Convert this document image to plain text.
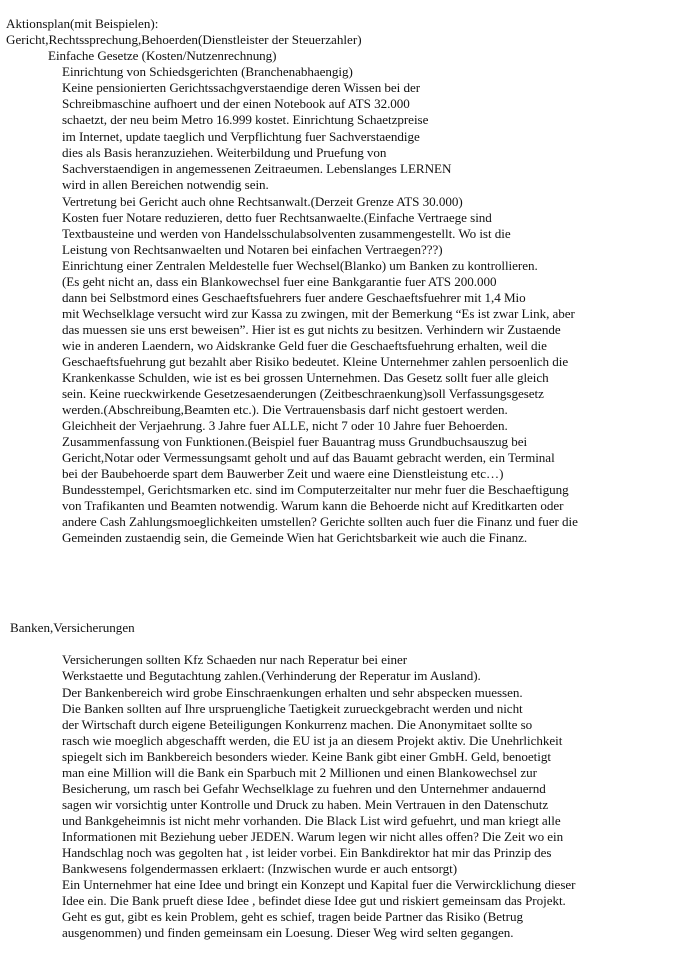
Aktionsplan(mit Beispielen):
Gericht,Rechtssprechung,Behoerden(Dienstleister der Steuerzahler)
Einfache Gesetze (Kosten/Nutzenrechnung)
Einrichtung von Schiedsgerichten (Branchenabhaengig)
Keine pensionierten Gerichtssachgverstaendige deren Wissen bei der
Schreibmaschine aufhoert und der einen Notebook auf ATS 32.000
schaetzt, der neu beim Metro 16.999 kostet. Einrichtung Schaetzpreise
im Internet, update taeglich und Verpflichtung fuer Sachverstaendige
dies als Basis heranzuziehen. Weiterbildung und Pruefung von
Sachverstaendigen in angemessenen Zeitraeumen. Lebenslanges LERNEN
wird in allen Bereichen notwendig sein.
Vertretung bei Gericht auch ohne Rechtsanwalt.(Derzeit Grenze ATS 30.000)
Kosten fuer Notare reduzieren, detto fuer Rechtsanwaelte.(Einfache Vertraege sind
Textbausteine und werden von Handelsschulabsolventen zusammengestellt. Wo ist die
Leistung von Rechtsanwaelten und Notaren bei einfachen Vertraegen???)
Einrichtung einer Zentralen Meldestelle fuer Wechsel(Blanko) um Banken zu kontrollieren.
(Es geht nicht an, dass ein Blankowechsel fuer eine Bankgarantie fuer ATS 200.000
dann bei Selbstmord eines Geschaeftsfuehrers fuer andere Geschaeftsfuehrer mit 1,4 Mio
mit Wechselklage versucht wird zur Kassa zu zwingen, mit der Bemerkung “Es ist zwar Link, aber
das muessen sie uns erst beweisen”. Hier ist es gut nichts zu besitzen. Verhindern wir Zustaende
wie in anderen Laendern, wo Aidskranke Geld fuer die Geschaeftsfuehrung erhalten, weil die
Geschaeftsfuehrung gut bezahlt aber Risiko bedeutet. Kleine Unternehmer zahlen persoenlich die
Krankenkasse Schulden, wie ist es bei grossen Unternehmen. Das Gesetz sollt fuer alle gleich
sein. Keine rueckwirkende Gesetzesaenderungen (Zeitbeschraenkung)soll Verfassungsgesetz
werden.(Abschreibung,Beamten etc.). Die Vertrauensbasis darf nicht gestoert werden.
Gleichheit der Verjaehrung. 3 Jahre fuer ALLE, nicht 7 oder 10 Jahre fuer Behoerden.
Zusammenfassung von Funktionen.(Beispiel fuer Bauantrag muss Grundbuchsauszug bei
Gericht,Notar oder Vermessungsamt geholt und auf das Bauamt gebracht werden, ein Terminal
bei der Baubehoerde spart dem Bauwerber Zeit und waere eine Dienstleistung etc…)
Bundesstempel, Gerichtsmarken etc. sind im Computerzeitalter nur mehr fuer die Beschaeftigung
von Trafikanten und Beamten notwendig. Warum kann die Behoerde nicht auf Kreditkarten oder
andere Cash Zahlungsmoeglichkeiten umstellen? Gerichte sollten auch fuer die Finanz und fuer die
Gemeinden zustaendig sein, die Gemeinde Wien hat Gerichtsbarkeit wie auch die Finanz.
Banken,Versicherungen
Versicherungen sollten Kfz Schaeden nur nach Reperatur bei einer
Werkstaette und Begutachtung zahlen.(Verhinderung der Reperatur im Ausland).
Der Bankenbereich wird grobe Einschraenkungen erhalten und sehr abspecken muessen.
Die Banken sollten auf Ihre urspruengliche Taetigkeit zurueckgebracht werden und nicht
der Wirtschaft durch eigene Beteiligungen Konkurrenz machen. Die Anonymitaet sollte so
rasch wie moeglich abgeschafft werden, die EU ist ja an diesem Projekt aktiv. Die Unehrlichkeit
spiegelt sich im Bankbereich besonders wieder. Keine Bank gibt einer GmbH. Geld, benoetigt
man eine Million will die Bank ein Sparbuch mit 2 Millionen und einen Blankowechsel zur
Besicherung, um rasch bei Gefahr Wechselklage zu fuehren und den Unternehmer andauernd
sagen wir vorsichtig unter Kontrolle und Druck zu haben. Mein Vertrauen in den Datenschutz
und Bankgeheimnis ist nicht mehr vorhanden. Die Black List wird gefuehrt, und man kriegt alle
Informationen mit Beziehung ueber JEDEN. Warum legen wir nicht alles offen? Die Zeit wo ein
Handschlag noch was gegolten hat , ist leider vorbei. Ein Bankdirektor hat mir das Prinzip des
Bankwesens folgendermassen erklaert: (Inzwischen wurde er auch entsorgt)
Ein Unternehmer hat eine Idee und bringt ein Konzept und Kapital fuer die Verwircklichung dieser
Idee ein. Die Bank prueft diese Idee , befindet diese Idee gut und riskiert gemeinsam das Projekt.
Geht es gut, gibt es kein Problem, geht es schief, tragen beide Partner das Risiko (Betrug
ausgenommen) und finden gemeinsam ein Loesung. Dieser Weg wird selten gegangen.
